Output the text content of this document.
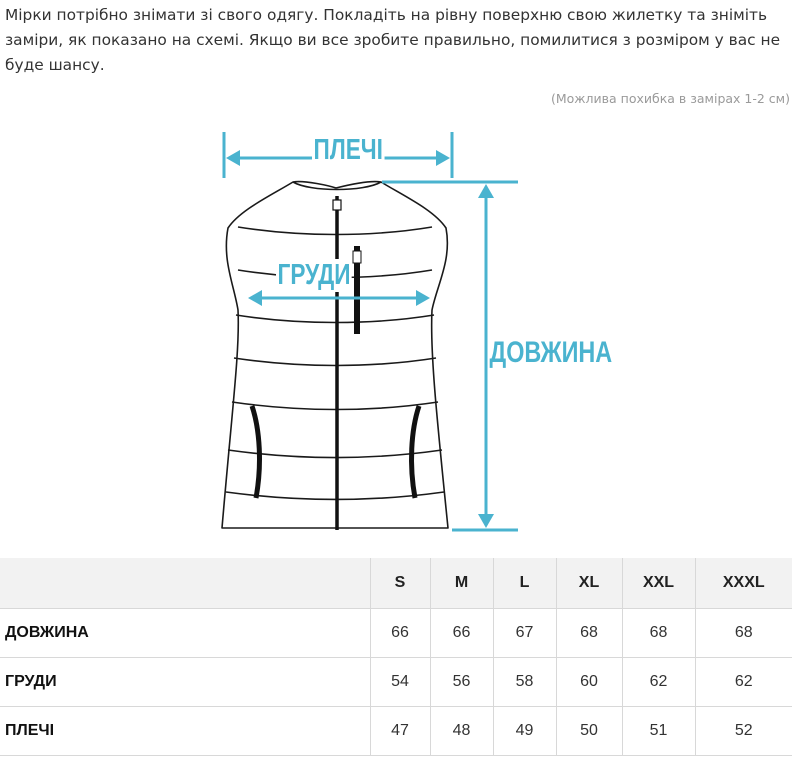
Мірки потрібно знімати зі свого одягу. Покладіть на рівну поверхню свою жилетку та зніміть заміри, як показано на схемі. Якщо ви все зробите правильно, помилитися з розміром у вас не буде шансу.

(Можлива похибка в замірах 1-2 см)
ПЛЕЧІ
ГРУДИ
ДОВЖИНА
	S	M	L	XL	XXL	XXXL
ДОВЖИНА	66	66	67	68	68	68
ГРУДИ	54	56	58	60	62	62
ПЛЕЧІ	47	48	49	50	51	52
